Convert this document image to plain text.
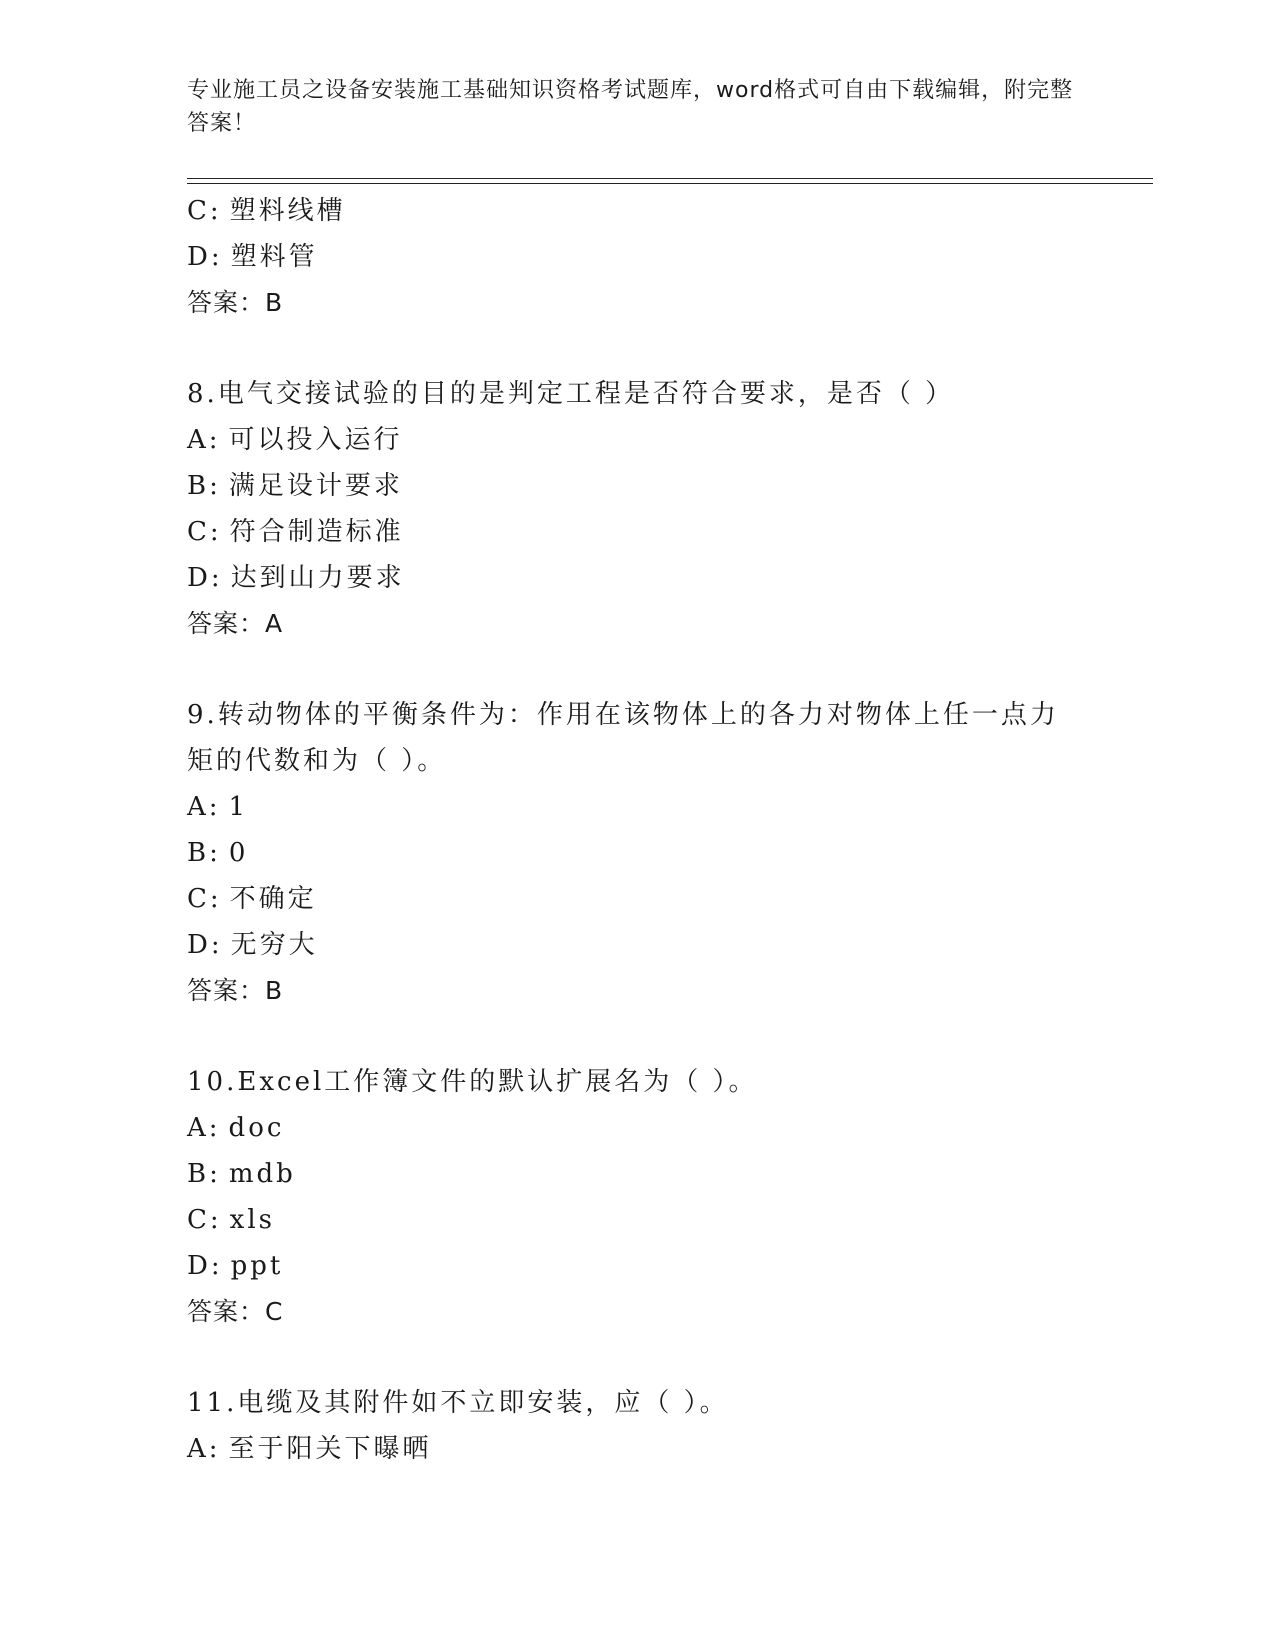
专业施工员之设备安装施工基础知识资格考试题库，word格式可自由下载编辑，附完整答案！
C: 塑料线槽
D: 塑料管
答案：B
8.电气交接试验的目的是判定工程是否符合要求，是否（ ）
A: 可以投入运行
B: 满足设计要求
C: 符合制造标准
D: 达到山力要求
答案：A
9.转动物体的平衡条件为：作用在该物体上的各力对物体上任一点力矩的代数和为（ ）。
A: 1
B: 0
C: 不确定
D: 无穷大
答案：B
10.Excel工作簿文件的默认扩展名为（ ）。
A: doc
B: mdb
C: xls
D: ppt
答案：C
11.电缆及其附件如不立即安装，应（ ）。
A: 至于阳关下曝晒
